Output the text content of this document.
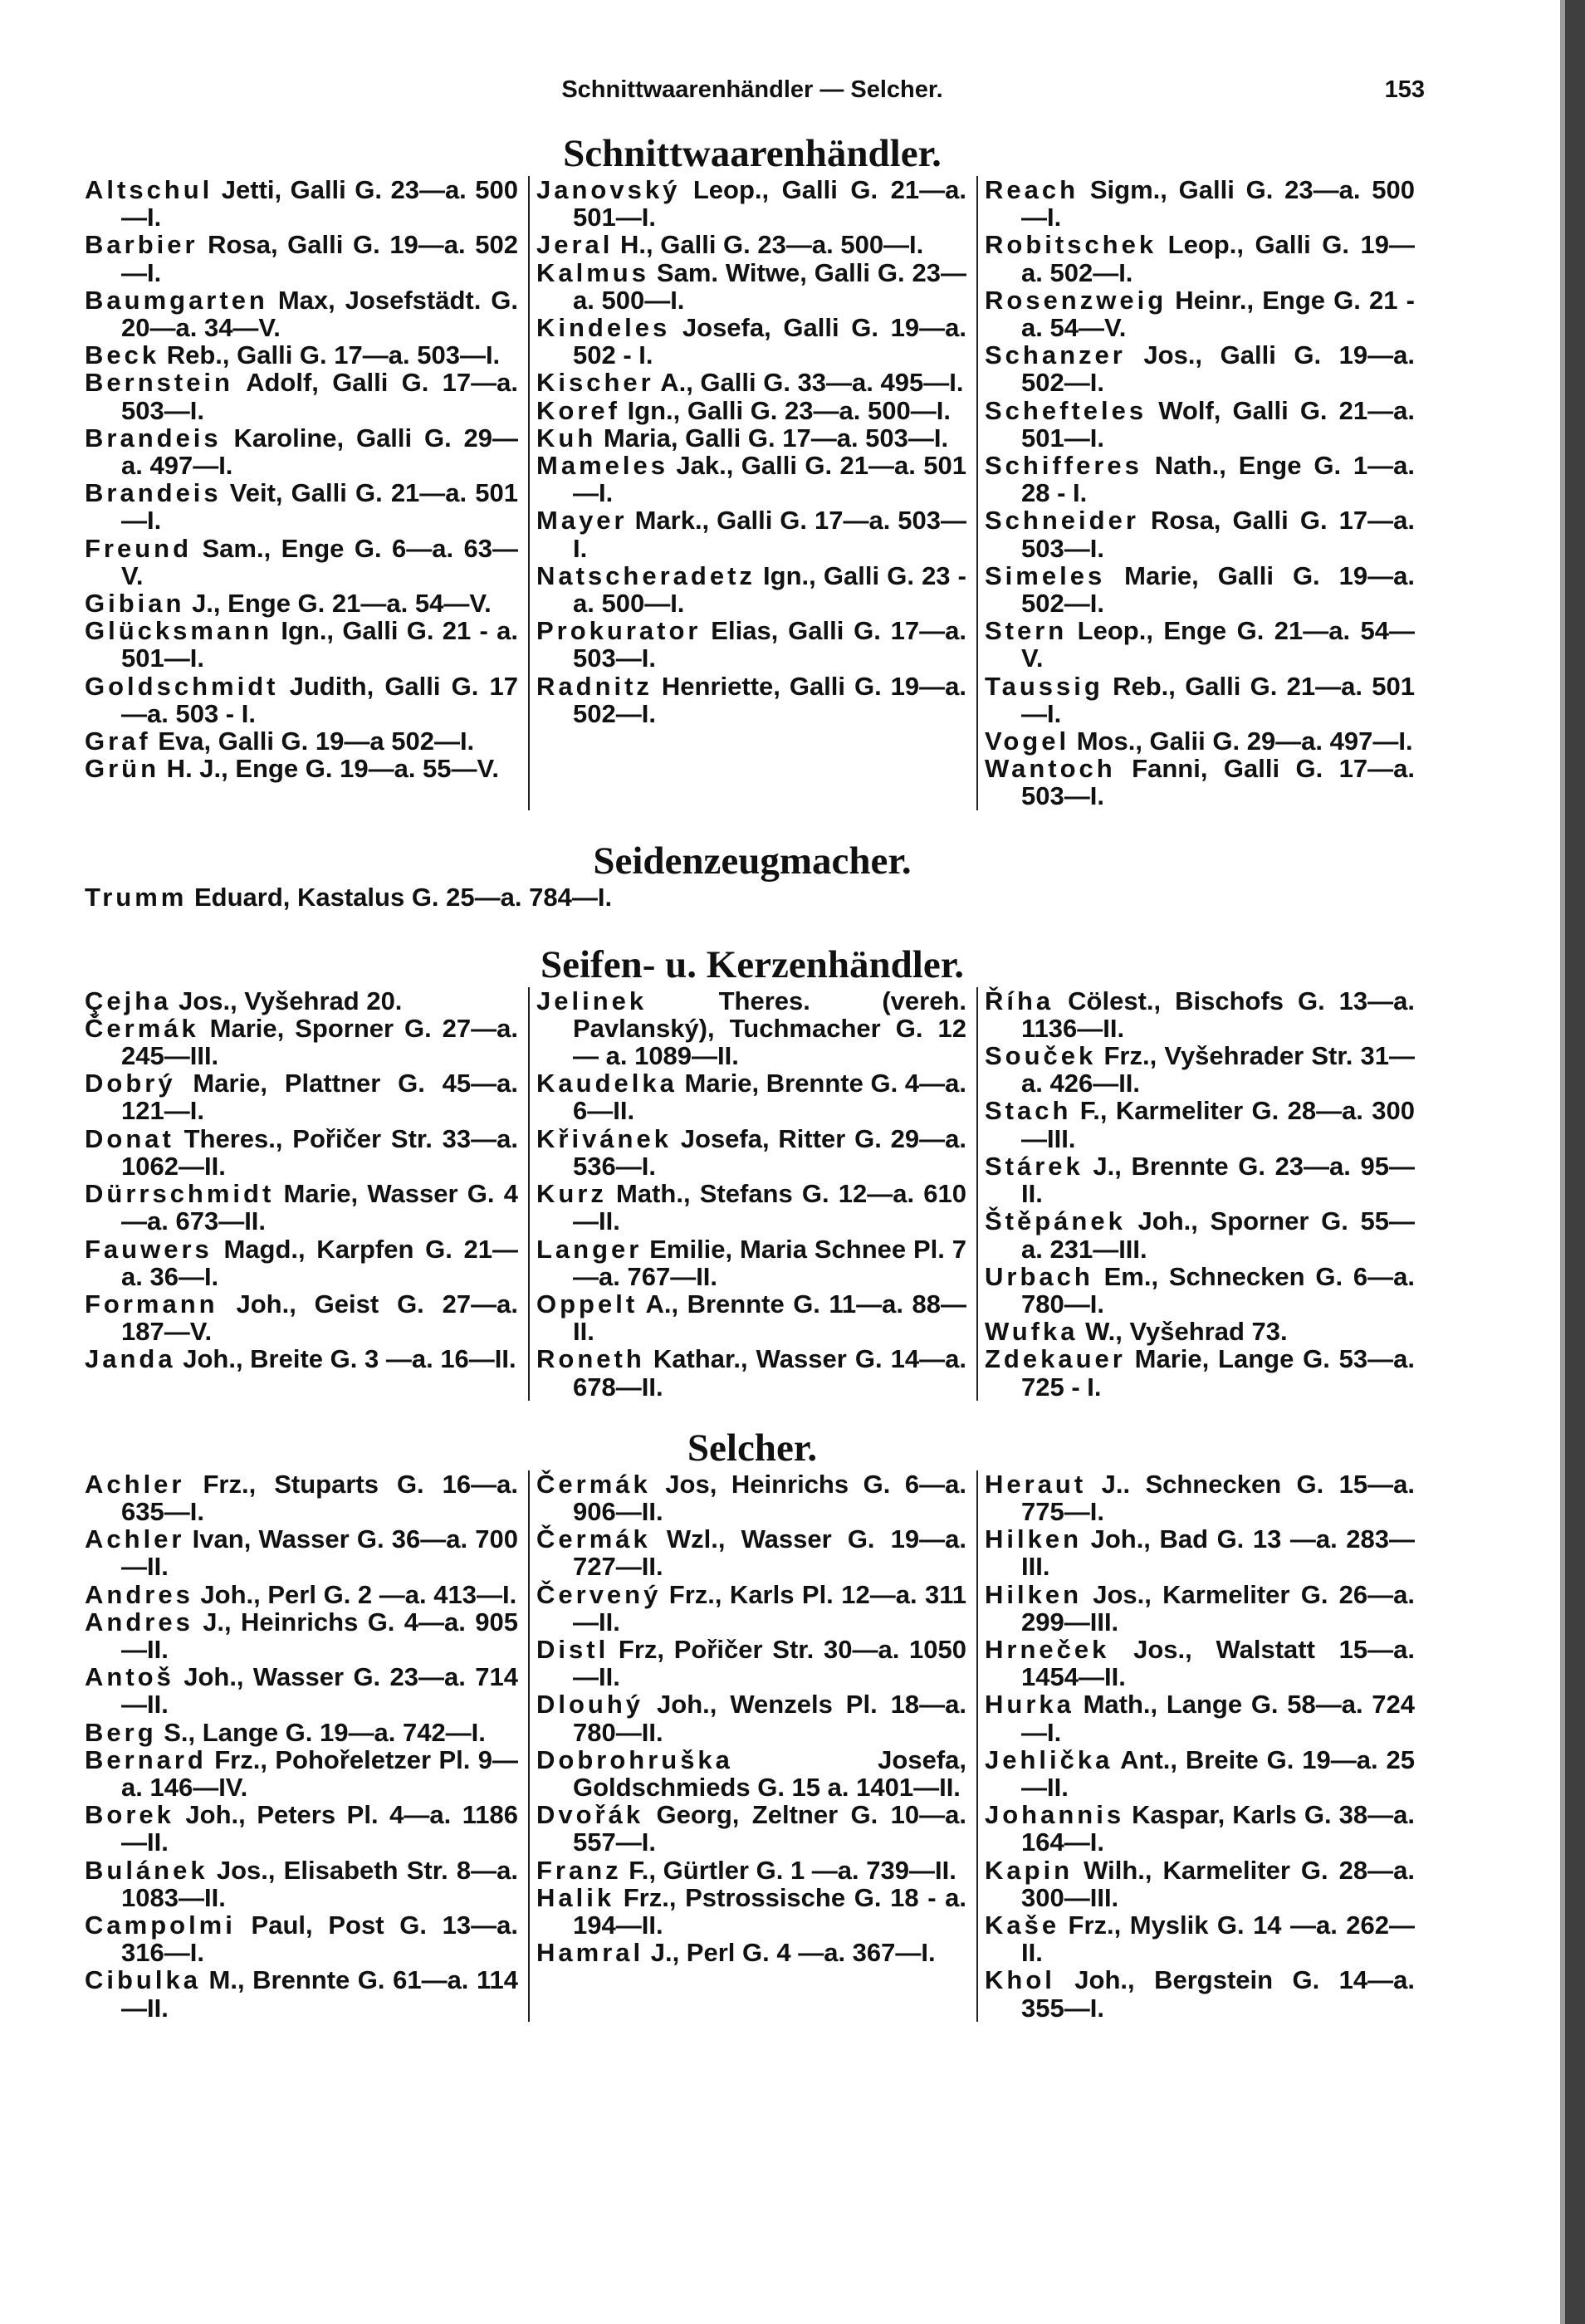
Schnittwaarenhändler — Selcher.	153
Schnittwaarenhändler.

Altschul Jetti, Galli G. 23—a. 500—I.

Barbier Rosa, Galli G. 19—a. 502—I.

Baumgarten Max, Josefstädt. G. 20—a. 34—V.

Beck Reb., Galli G. 17—a. 503—I.

Bernstein Adolf, Galli G. 17—a. 503—I.

Brandeis Karoline, Galli G. 29—a. 497—I.

Brandeis Veit, Galli G. 21—a. 501—I.

Freund Sam., Enge G. 6—a. 63—V.

Gibian J., Enge G. 21—a. 54—V.

Glücksmann Ign., Galli G. 21 - a. 501—I.

Goldschmidt Judith, Galli G. 17—a. 503 - I.

Graf Eva, Galli G. 19—a 502—I.

Grün H. J., Enge G. 19—a. 55—V.

Janovský Leop., Galli G. 21—a. 501—I.

Jeral H., Galli G. 23—a. 500—I.

Kalmus Sam. Witwe, Galli G. 23—a. 500—I.

Kindeles Josefa, Galli G. 19—a. 502 - I.

Kischer A., Galli G. 33—a. 495—I.

Koref Ign., Galli G. 23—a. 500—I.

Kuh Maria, Galli G. 17—a. 503—I.

Mameles Jak., Galli G. 21—a. 501—I.

Mayer Mark., Galli G. 17—a. 503—I.

Natscheradetz Ign., Galli G. 23 - a. 500—I.

Prokurator Elias, Galli G. 17—a. 503—I.

Radnitz Henriette, Galli G. 19—a. 502—I.

Reach Sigm., Galli G. 23—a. 500—I.

Robitschek Leop., Galli G. 19—a. 502—I.

Rosenzweig Heinr., Enge G. 21 - a. 54—V.

Schanzer Jos., Galli G. 19—a. 502—I.

Schefteles Wolf, Galli G. 21—a. 501—I.

Schifferes Nath., Enge G. 1—a. 28 - I.

Schneider Rosa, Galli G. 17—a. 503—I.

Simeles Marie, Galli G. 19—a. 502—I.

Stern Leop., Enge G. 21—a. 54—V.

Taussig Reb., Galli G. 21—a. 501—I.

Vogel Mos., Galii G. 29—a. 497—I.

Wantoch Fanni, Galli G. 17—a. 503—I.

Seidenzeugmacher.

Trumm Eduard, Kastalus G. 25—a. 784—I.

Seifen- u. Kerzenhändler.

Çejha Jos., Vyšehrad 20.

Čermák Marie, Sporner G. 27—a. 245—III.

Dobrý Marie, Plattner G. 45—a. 121—I.

Donat Theres., Pořičer Str. 33—a. 1062—II.

Dürrschmidt Marie, Wasser G. 4—a. 673—II.

Fauwers Magd., Karpfen G. 21—a. 36—I.

Formann Joh., Geist G. 27—a. 187—V.

Janda Joh., Breite G. 3 —a. 16—II.

Jelinek Theres. (vereh. Pavlanský), Tuchmacher G. 12 — a. 1089—II.

Kaudelka Marie, Brennte G. 4—a. 6—II.

Křivánek Josefa, Ritter G. 29—a. 536—I.

Kurz Math., Stefans G. 12—a. 610—II.

Langer Emilie, Maria Schnee Pl. 7—a. 767—II.

Oppelt A., Brennte G. 11—a. 88—II.

Roneth Kathar., Wasser G. 14—a. 678—II.

Říha Cölest., Bischofs G. 13—a. 1136—II.

Souček Frz., Vyšehrader Str. 31—a. 426—II.

Stach F., Karmeliter G. 28—a. 300—III.

Stárek J., Brennte G. 23—a. 95—II.

Štěpánek Joh., Sporner G. 55—a. 231—III.

Urbach Em., Schnecken G. 6—a. 780—I.

Wufka W., Vyšehrad 73.

Zdekauer Marie, Lange G. 53—a. 725 - I.

Selcher.

Achler Frz., Stuparts G. 16—a. 635—I.

Achler Ivan, Wasser G. 36—a. 700—II.

Andres Joh., Perl G. 2 —a. 413—I.

Andres J., Heinrichs G. 4—a. 905—II.

Antoš Joh., Wasser G. 23—a. 714—II.

Berg S., Lange G. 19—a. 742—I.

Bernard Frz., Pohořeletzer Pl. 9—a. 146—IV.

Borek Joh., Peters Pl. 4—a. 1186—II.

Bulánek Jos., Elisabeth Str. 8—a. 1083—II.

Campolmi Paul, Post G. 13—a. 316—I.

Cibulka M., Brennte G. 61—a. 114—II.

Čermák Jos, Heinrichs G. 6—a. 906—II.

Čermák Wzl., Wasser G. 19—a. 727—II.

Červený Frz., Karls Pl. 12—a. 311—II.

Distl Frz, Pořičer Str. 30—a. 1050—II.

Dlouhý Joh., Wenzels Pl. 18—a. 780—II.

Dobrohruška Josefa, Goldschmieds G. 15 a. 1401—II.

Dvořák Georg, Zeltner G. 10—a. 557—I.

Franz F., Gürtler G. 1 —a. 739—II.

Halik Frz., Pstrossische G. 18 - a. 194—II.

Hamral J., Perl G. 4 —a. 367—I.

Heraut J.. Schnecken G. 15—a. 775—I.

Hilken Joh., Bad G. 13 —a. 283—III.

Hilken Jos., Karmeliter G. 26—a. 299—III.

Hrneček Jos., Walstatt 15—a. 1454—II.

Hurka Math., Lange G. 58—a. 724—I.

Jehlička Ant., Breite G. 19—a. 25—II.

Johannis Kaspar, Karls G. 38—a. 164—I.

Kapin Wilh., Karmeliter G. 28—a. 300—III.

Kaše Frz., Myslik G. 14 —a. 262—II.

Khol Joh., Bergstein G. 14—a. 355—I.
